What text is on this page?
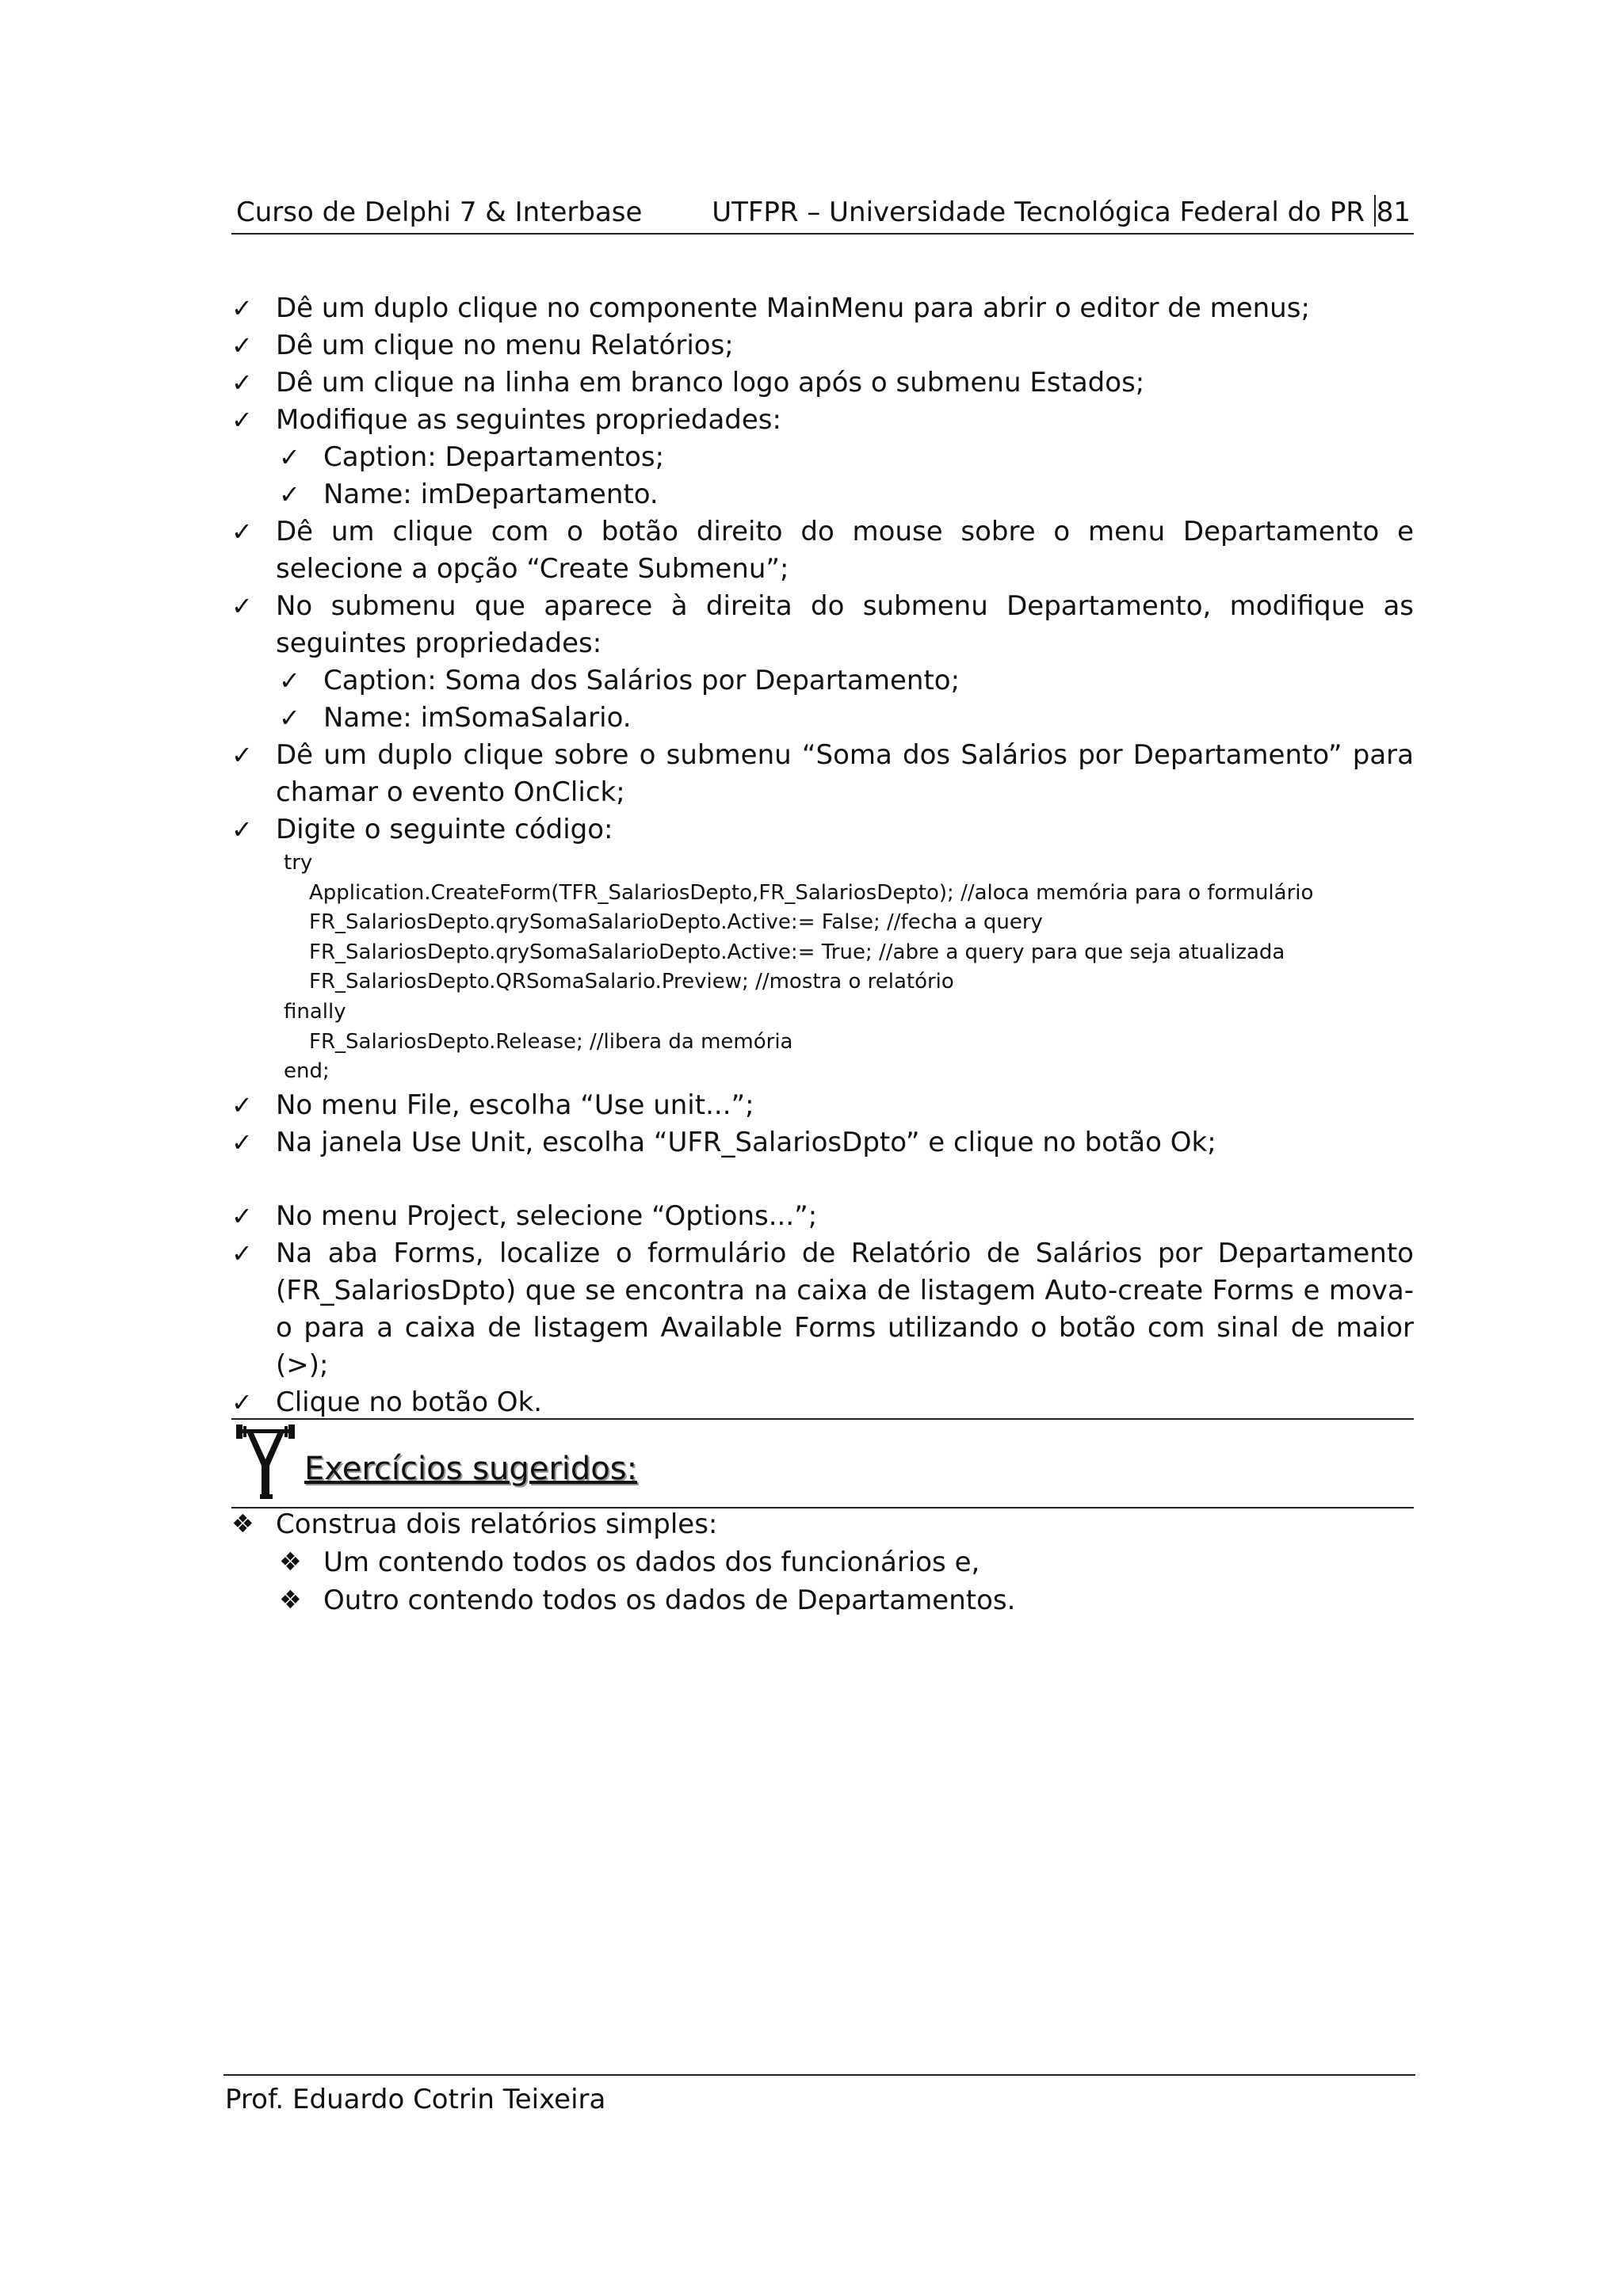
Curso de Delphi 7 & Interbase	UTFPR – Universidade Tecnológica Federal do PR 81
✓ Dê um duplo clique no componente MainMenu para abrir o editor de menus;
✓ Dê um clique no menu Relatórios;
✓ Dê um clique na linha em branco logo após o submenu Estados;
✓ Modifique as seguintes propriedades:
✓ Caption: Departamentos;
✓ Name: imDepartamento.
✓ Dê um clique com o botão direito do mouse sobre o menu Departamento e selecione a opção “Create Submenu”;
✓ No submenu que aparece à direita do submenu Departamento, modifique as seguintes propriedades:
✓ Caption: Soma dos Salários por Departamento;
✓ Name: imSomaSalario.
✓ Dê um duplo clique sobre o submenu “Soma dos Salários por Departamento” para chamar o evento OnClick;
✓ Digite o seguinte código:
try
Application.CreateForm(TFR_SalariosDepto,FR_SalariosDepto); //aloca memória para o formulário
FR_SalariosDepto.qrySomaSalarioDepto.Active:= False; //fecha a query
FR_SalariosDepto.qrySomaSalarioDepto.Active:= True; //abre a query para que seja atualizada
FR_SalariosDepto.QRSomaSalario.Preview; //mostra o relatório
finally
FR_SalariosDepto.Release; //libera da memória
end;
✓ No menu File, escolha “Use unit...”;
✓ Na janela Use Unit, escolha “UFR_SalariosDpto” e clique no botão Ok;
✓ No menu Project, selecione “Options...”;
✓ Na aba Forms, localize o formulário de Relatório de Salários por Departamento (FR_SalariosDpto) que se encontra na caixa de listagem Auto-create Forms e mova-o para a caixa de listagem Available Forms utilizando o botão com sinal de maior (>);
✓ Clique no botão Ok.
Exercícios sugeridos:
❖ Construa dois relatórios simples:
❖ Um contendo todos os dados dos funcionários e,
❖ Outro contendo todos os dados de Departamentos.
Prof. Eduardo Cotrin Teixeira
